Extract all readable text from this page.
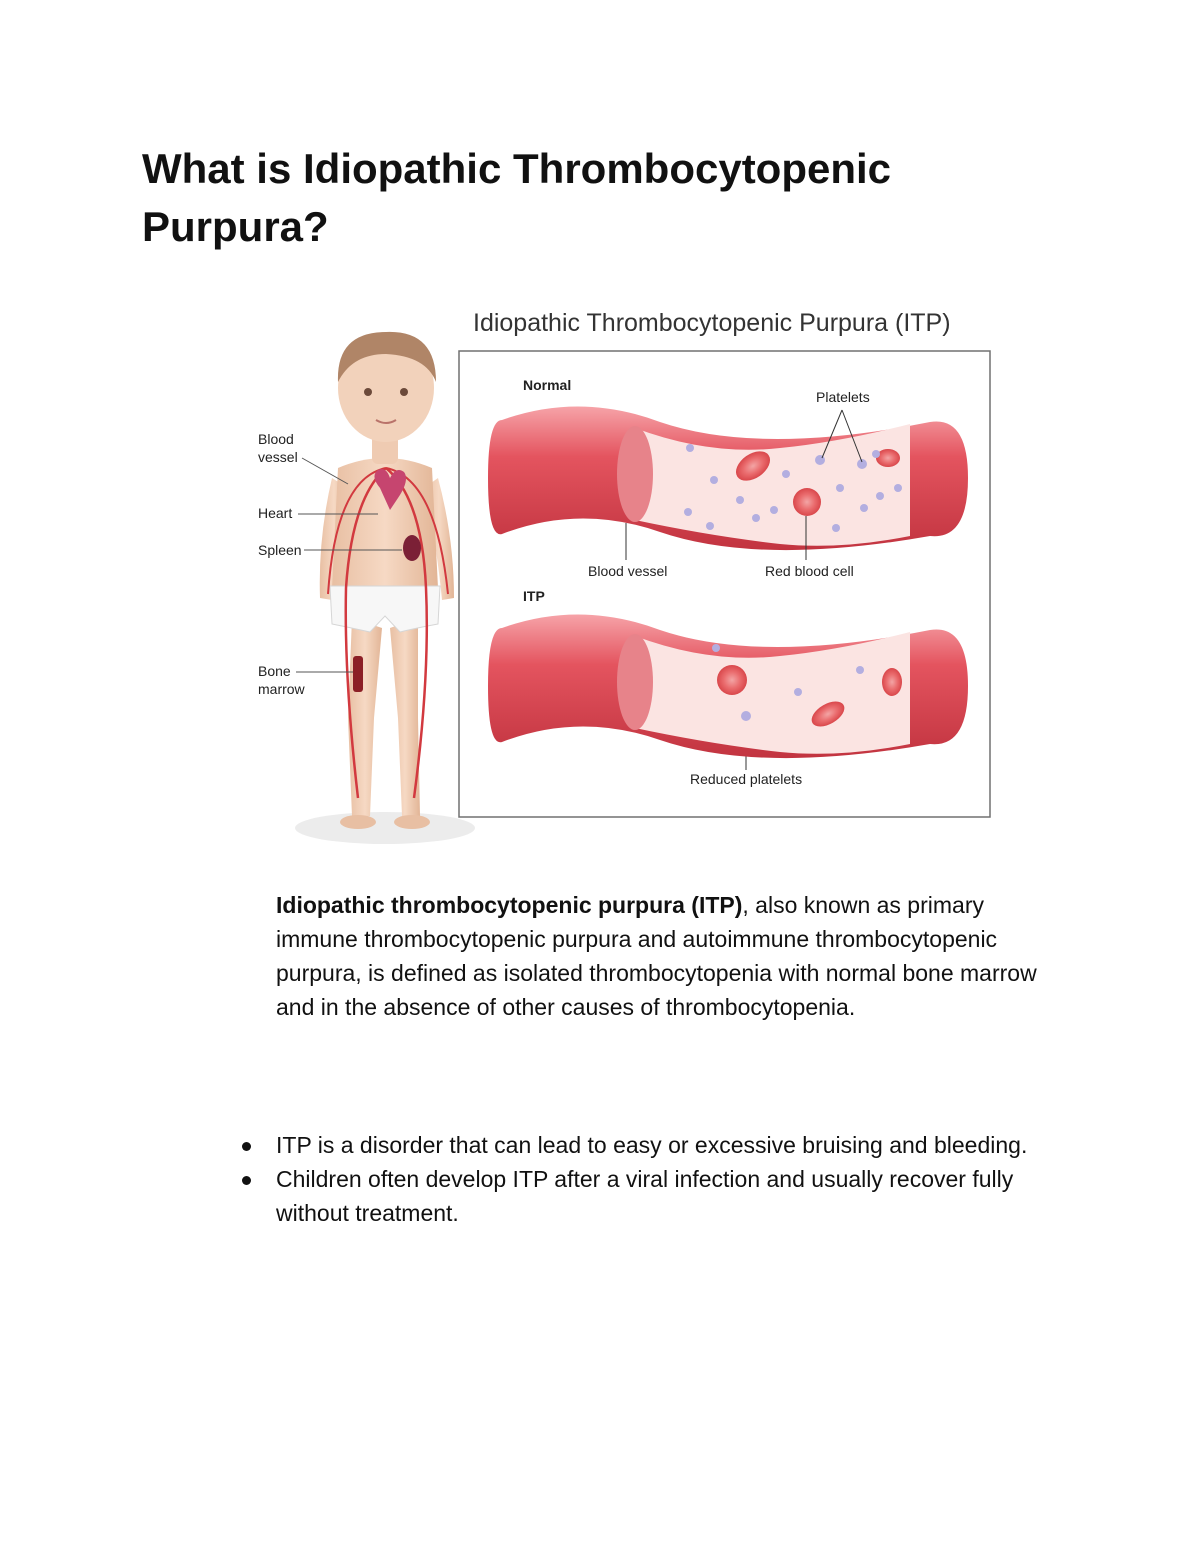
What is Idiopathic Thrombocytopenic Purpura?
Blood
vessel
Heart
Spleen
Bone
marrow
Idiopathic Thrombocytopenic Purpura (ITP)
Normal
Platelets
Blood vessel	Red blood cell
ITP
Reduced platelets

Idiopathic thrombocytopenic purpura (ITP), also known as primary immune thrombocytopenic purpura and autoimmune thrombocytopenic purpura, is defined as isolated thrombocytopenia with normal bone marrow and in the absence of other causes of thrombocytopenia.

ITP is a disorder that can lead to easy or excessive bruising and bleeding.
Children often develop ITP after a viral infection and usually recover fully without treatment.
